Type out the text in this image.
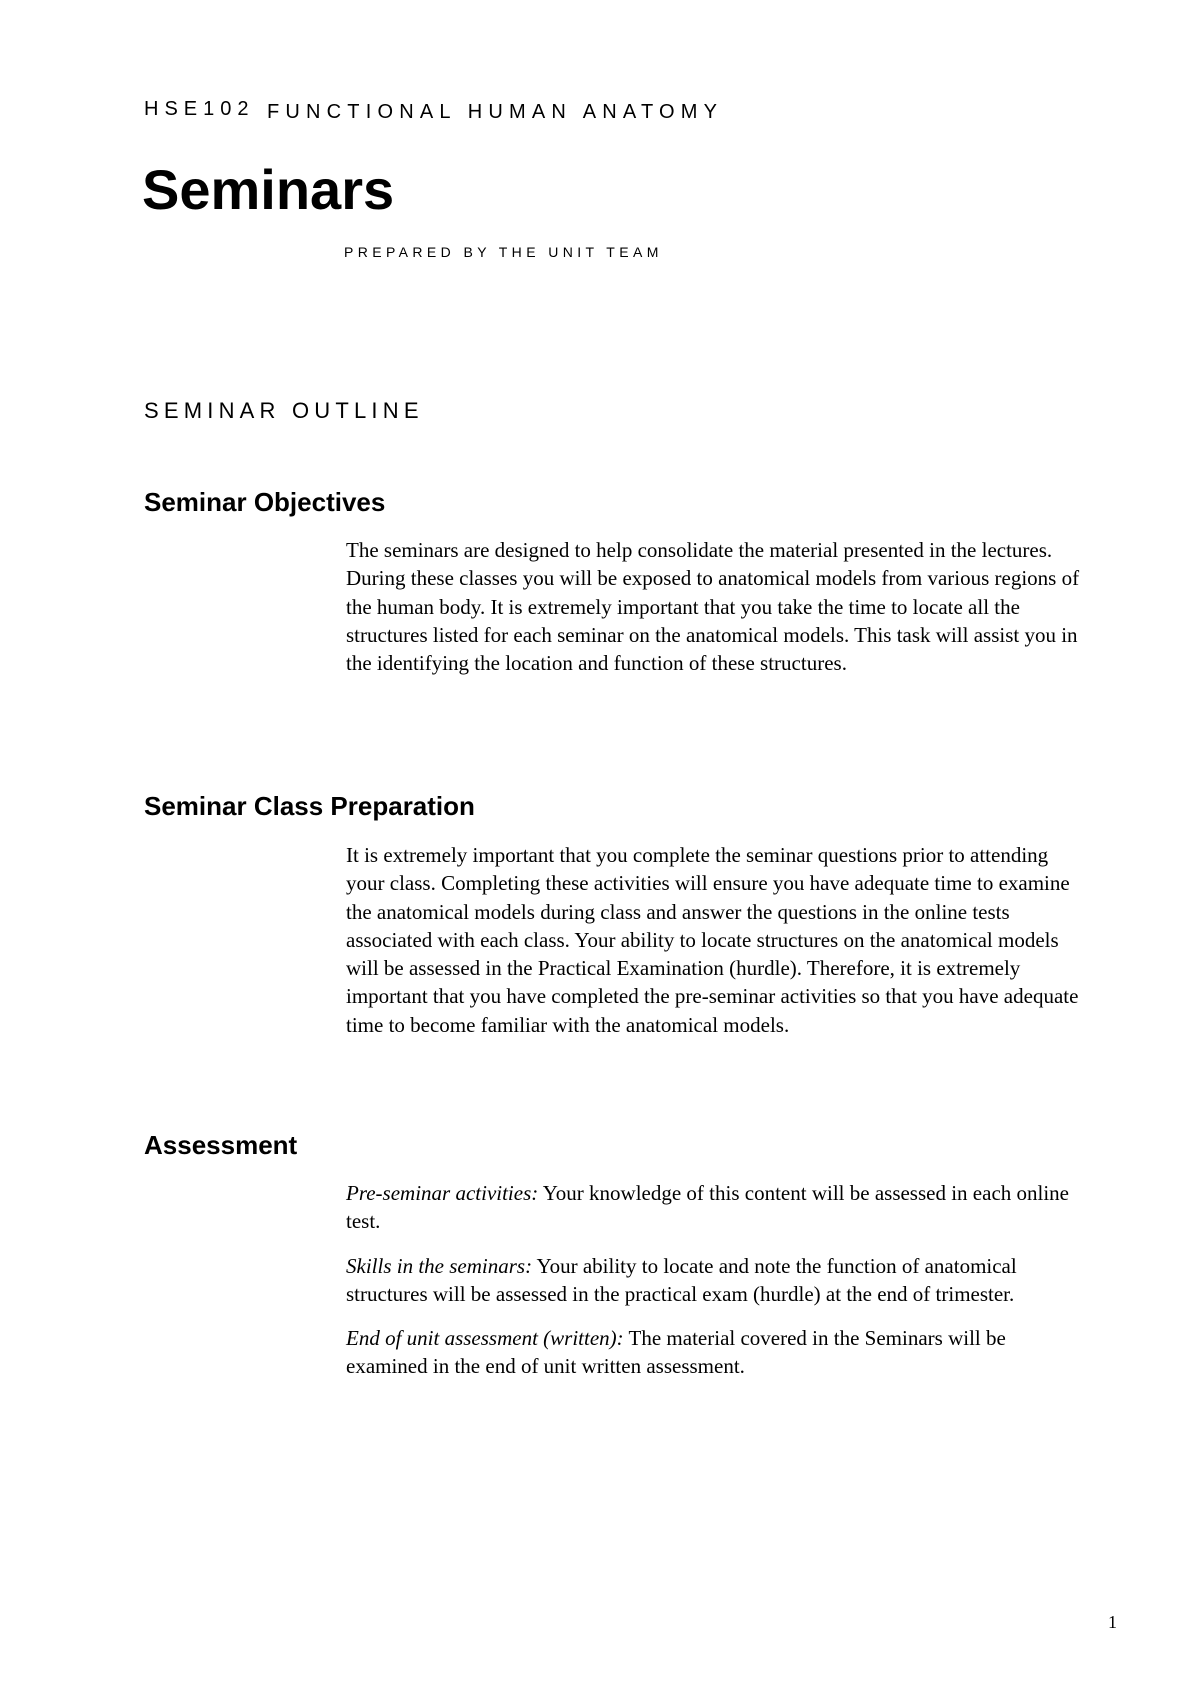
HSE102 FUNCTIONAL HUMAN ANATOMY
Seminars
PREPARED BY THE UNIT TEAM
SEMINAR OUTLINE
Seminar Objectives

The seminars are designed to help consolidate the material presented in the lectures. During these classes you will be exposed to anatomical models from various regions of the human body. It is extremely important that you take the time to locate all the structures listed for each seminar on the anatomical models. This task will assist you in the identifying the location and function of these structures.

Seminar Class Preparation

It is extremely important that you complete the seminar questions prior to attending your class. Completing these activities will ensure you have adequate time to examine the anatomical models during class and answer the questions in the online tests associated with each class. Your ability to locate structures on the anatomical models will be assessed in the Practical Examination (hurdle). Therefore, it is extremely important that you have completed the pre-seminar activities so that you have adequate time to become familiar with the anatomical models.

Assessment

Pre-seminar activities: Your knowledge of this content will be assessed in each online test.

Skills in the seminars: Your ability to locate and note the function of anatomical structures will be assessed in the practical exam (hurdle) at the end of trimester.

End of unit assessment (written): The material covered in the Seminars will be examined in the end of unit written assessment.

1
